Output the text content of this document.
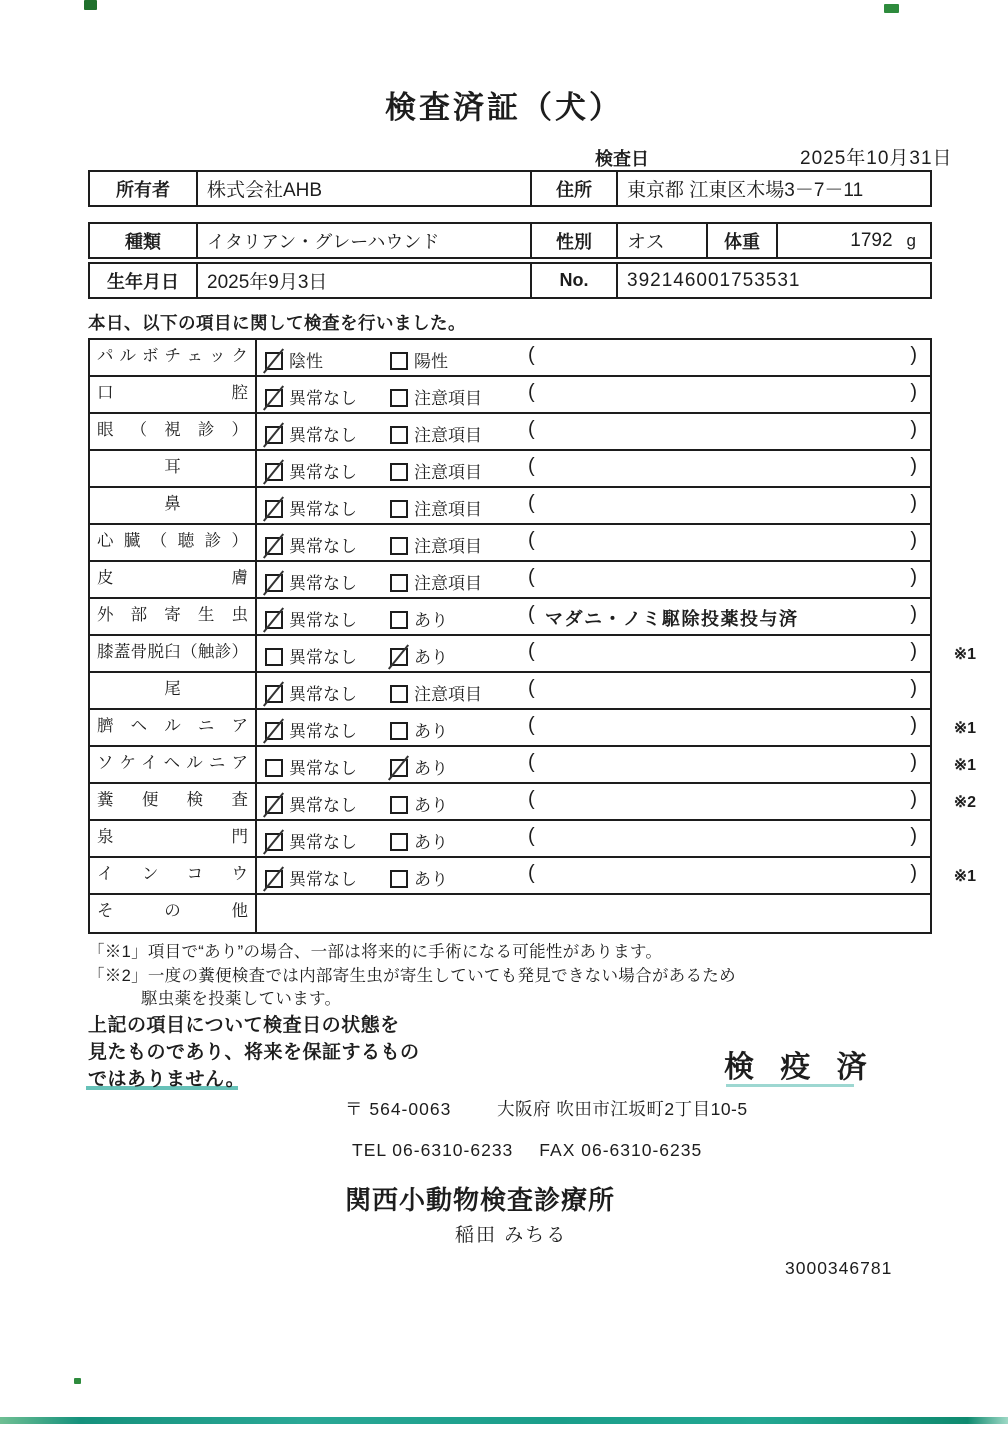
検査済証（犬）
検査日	2025年10月31日
所有者	株式会社AHB	住所	東京都 江東区木場3－7－11
種類	イタリアン・グレーハウンド	性別	オス	体重	1792 g
生年月日	2025年9月3日	No.	392146001753531
本日、以下の項目に関して検査を行いました。
パルボチェック	陰性	陽性	(	)
口腔	異常なし	注意項目 (	)
眼（視診）	異常なし	注意項目 (	)
耳	異常なし	注意項目 (	)
鼻	異常なし	注意項目 (	)
心臓（聴診）	異常なし	注意項目 (	)
皮膚	異常なし	注意項目 (	)
外部寄生虫	異常なし	あり	( マダニ・ノミ駆除投薬投与済	)
膝蓋骨脱臼（触診）	異常なし	あり	(	) ※1
尾	異常なし	注意項目 (	)
臍ヘルニア	異常なし	あり	(	) ※1
ソケイヘルニア	異常なし	あり	(	) ※1
糞便検査	異常なし	あり	(	) ※2
泉門	異常なし	あり	(	)
インコウ	異常なし	あり	(	) ※1
その他
「※1」項目で“あり”の場合、一部は将来的に手術になる可能性があります。
「※2」一度の糞便検査では内部寄生虫が寄生していても発見できない場合があるため
駆虫薬を投薬しています。
上記の項目について検査日の状態を
見たものであり、将来を保証するもの
ではありません。	検 疫 済
〒 564-0063	大阪府 吹田市江坂町2丁目10-5
TEL 06-6310-6233 FAX 06-6310-6235
関西小動物検査診療所
稲田 みちる
3000346781
